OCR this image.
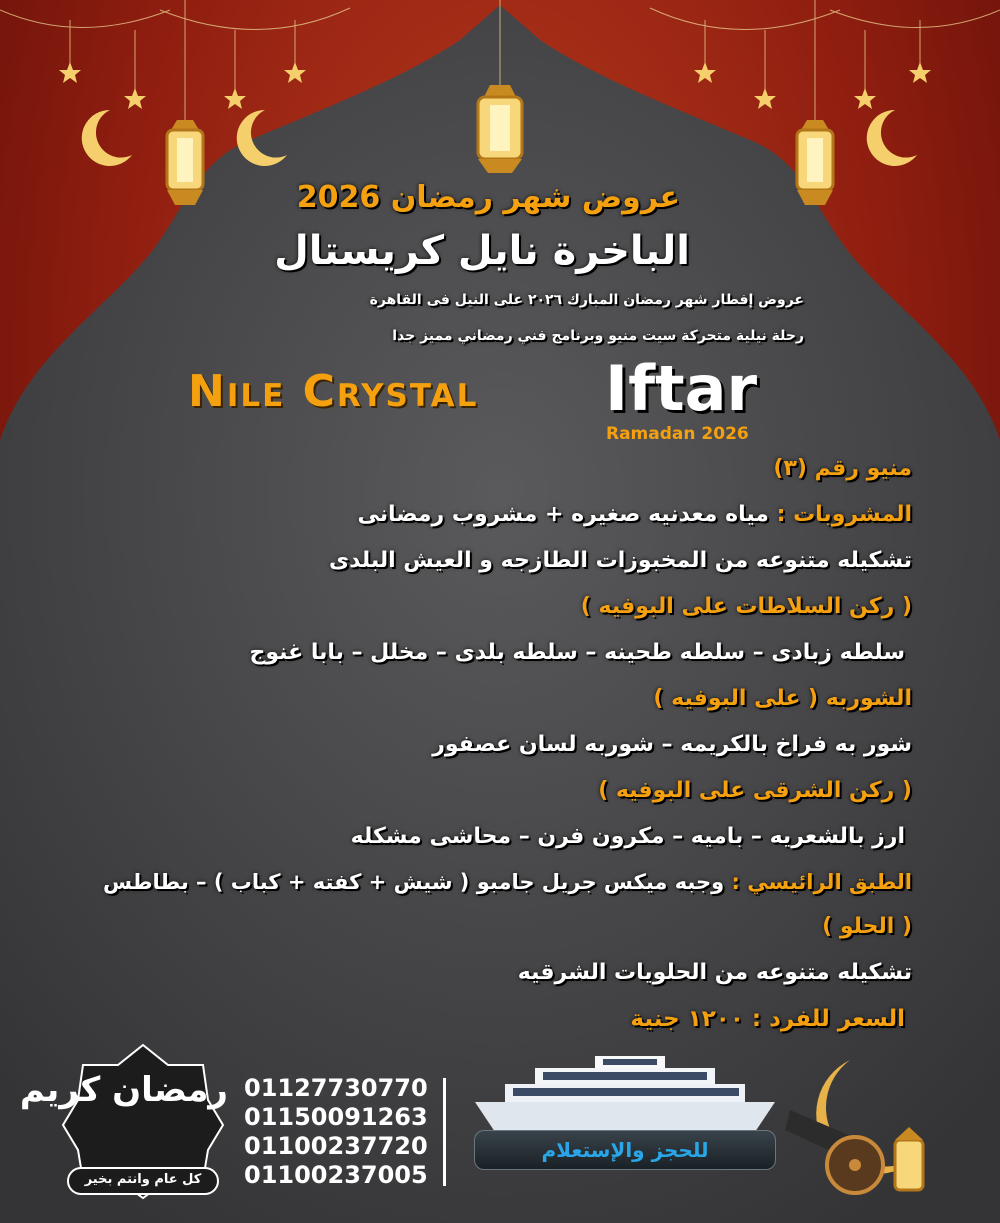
عروض شهر رمضان 2026
الباخرة نايل كريستال
عروض إفطار شهر رمضان المبارك ٢٠٢٦ على النيل فى القاهرة
رحلة نيلية متحركة سيت منيو وبرنامج فني رمضاني مميز جدا
Nile Crystal Iftar
Ramadan 2026
منيو رقم (٣)
المشروبات : مياه معدنيه صغيره + مشروب رمضانى
تشكيله متنوعه من المخبوزات الطازجه و العيش البلدى
( ركن السلاطات على البوفيه )
سلطه زبادى – سلطه طحينه – سلطه بلدى – مخلل – بابا غنوج
الشوربه ( على البوفيه )
شور به فراخ بالكريمه – شوربه لسان عصفور
( ركن الشرقى على البوفيه )
ارز بالشعريه – باميه – مكرون فرن – محاشى مشكله
الطبق الرائيسي : وجبه ميكس جريل جامبو ( شيش + كفته + كباب ) – بطاطس
( الحلو )
تشكيله متنوعه من الحلويات الشرقيه
السعر للفرد : ١٢٠٠ جنية
رمضان كريم
كل عام وانتم بخير
01127730770
01150091263
01100237720
01100237005
للحجز والإستعلام
